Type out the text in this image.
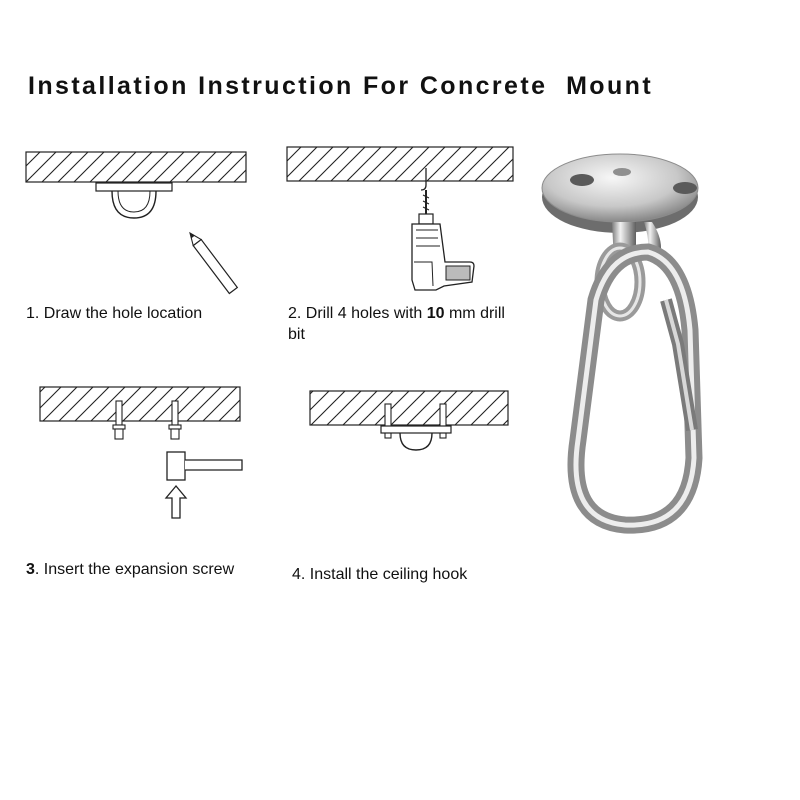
Installation Instruction For Concrete  Mount
1. Draw the hole location	2. Drill 4 holes with 10 mm drill
bit
3. Insert the expansion screw	4. Install the ceiling hook
